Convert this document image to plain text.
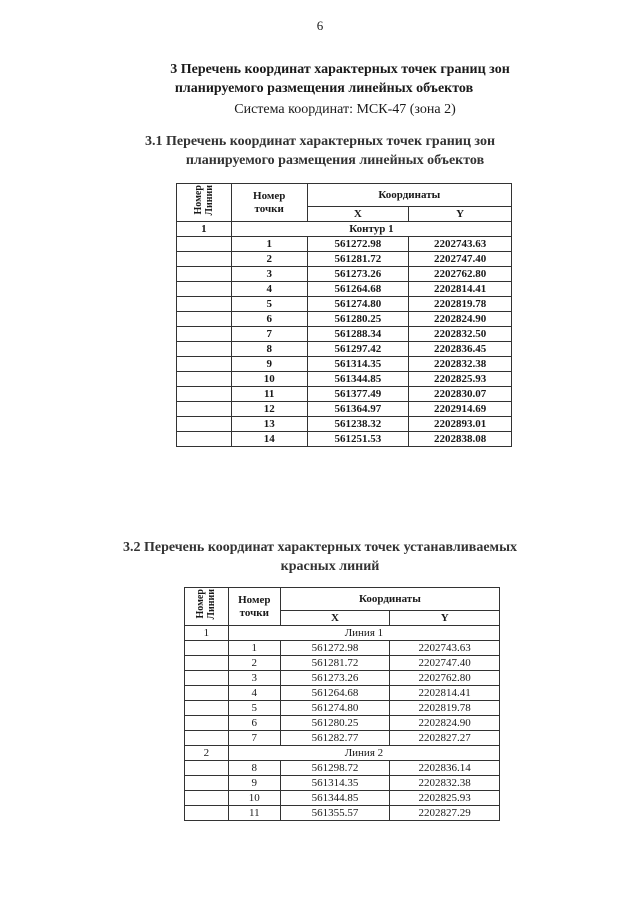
6
3 Перечень координат характерных точек границ зон
планируемого размещения линейных объектов
Система координат: МСК-47 (зона 2)
3.1 Перечень координат характерных точек границ зон
планируемого размещения линейных объектов
Номер
Линии	Номер
точки	Координаты	
		X	Y
1	Контур 1		
	1	561272.98	2202743.63
	2	561281.72	2202747.40
	3	561273.26	2202762.80
	4	561264.68	2202814.41
	5	561274.80	2202819.78
	6	561280.25	2202824.90
	7	561288.34	2202832.50
	8	561297.42	2202836.45
	9	561314.35	2202832.38
	10	561344.85	2202825.93
	11	561377.49	2202830.07
	12	561364.97	2202914.69
	13	561238.32	2202893.01
	14	561251.53	2202838.08
3.2 Перечень координат характерных точек устанавливаемых
красных линий
Номер
Линии	Номер
точки	Координаты	
		X	Y
1	Линия 1		
	1	561272.98	2202743.63
	2	561281.72	2202747.40
	3	561273.26	2202762.80
	4	561264.68	2202814.41
	5	561274.80	2202819.78
	6	561280.25	2202824.90
	7	561282.77	2202827.27
2	Линия 2		
	8	561298.72	2202836.14
	9	561314.35	2202832.38
	10	561344.85	2202825.93
	11	561355.57	2202827.29
